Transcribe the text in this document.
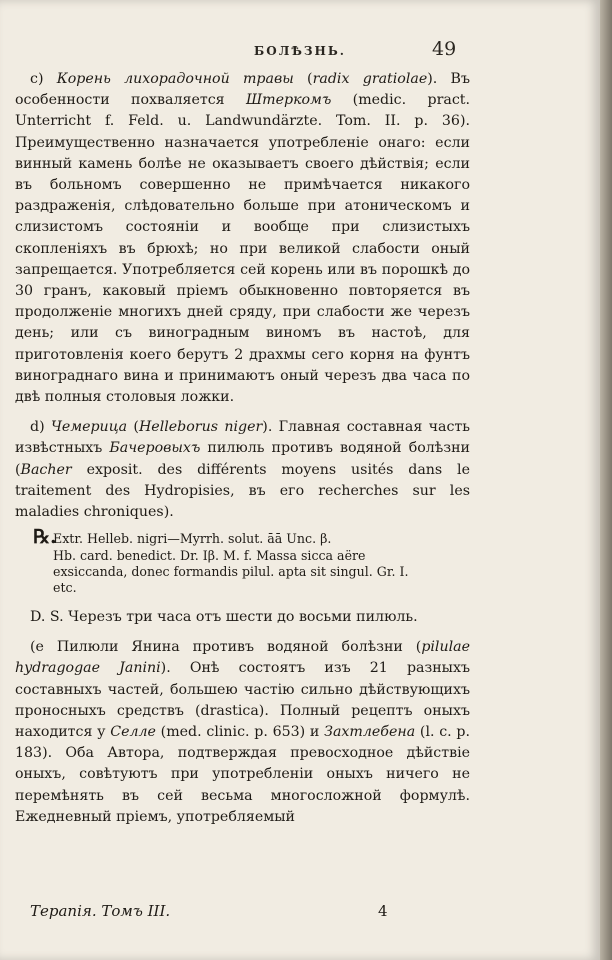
БОЛѢЗНЬ.	49

c) Корень лихорадочной травы (radix gratiolae). Въ особенности похваляется Штеркомъ (medic. pract. Unterricht f. Feld. u. Landwundärzte. Tom. II. p. 36). Преимущественно назначается употребленіе онаго: если винный камень болѣе не оказываетъ своего дѣйствія; если въ больномъ совершенно не примѣчается никакого раздраженія, слѣдовательно больше при атоническомъ и слизистомъ состояніи и вообще при слизистыхъ скопленіяхъ въ брюхѣ; но при великой слабости оный запрещается. Употребляется сей корень или въ порошкѣ до 30 гранъ, каковый пріемъ обыкновенно повторяется въ продолженіе многихъ дней сряду, при слабости же черезъ день; или съ виноградным виномъ въ настоѣ, для приготовленія коего берутъ 2 драхмы сего корня на фунтъ винограднаго вина и принимаютъ оный черезъ два часа по двѣ полныя столовыя ложки.

d) Чемерица (Helleborus niger). Главная составная часть извѣстныхъ Бачеровыхъ пилюль противъ водяной болѣзни (Bacher exposit. des différents moyens usités dans le traitement des Hydropisies, въ его recherches sur les maladies chroniques).

℞.
Extr. Helleb. nigri—Myrrh. solut. āā Unc. β.
Hb. card. benedict. Dr. Iβ. M. f. Massa sicca aëre
exsiccanda, donec formandis pilul. apta sit singul. Gr. I.
etc.

D. S. Черезъ три часа отъ шести до восьми пилюль.

(e Пилюли Янина противъ водяной болѣзни (pilulae hydragogae Janini). Онѣ состоятъ изъ 21 разныхъ составныхъ частей, большею частію сильно дѣйствующихъ проносныхъ средствъ (drastica). Полный рецептъ оныхъ находится у Селле (med. clinic. p. 653) и Захтлебена (l. c. p. 183). Оба Автора, подтверждая превосходное дѣйствіе оныхъ, совѣтуютъ при употребленіи оныхъ ничего не перемѣнять въ сей весьма многосложной формулѣ. Ежедневный пріемъ, употребляемый

Терапія. Томъ III.	4
